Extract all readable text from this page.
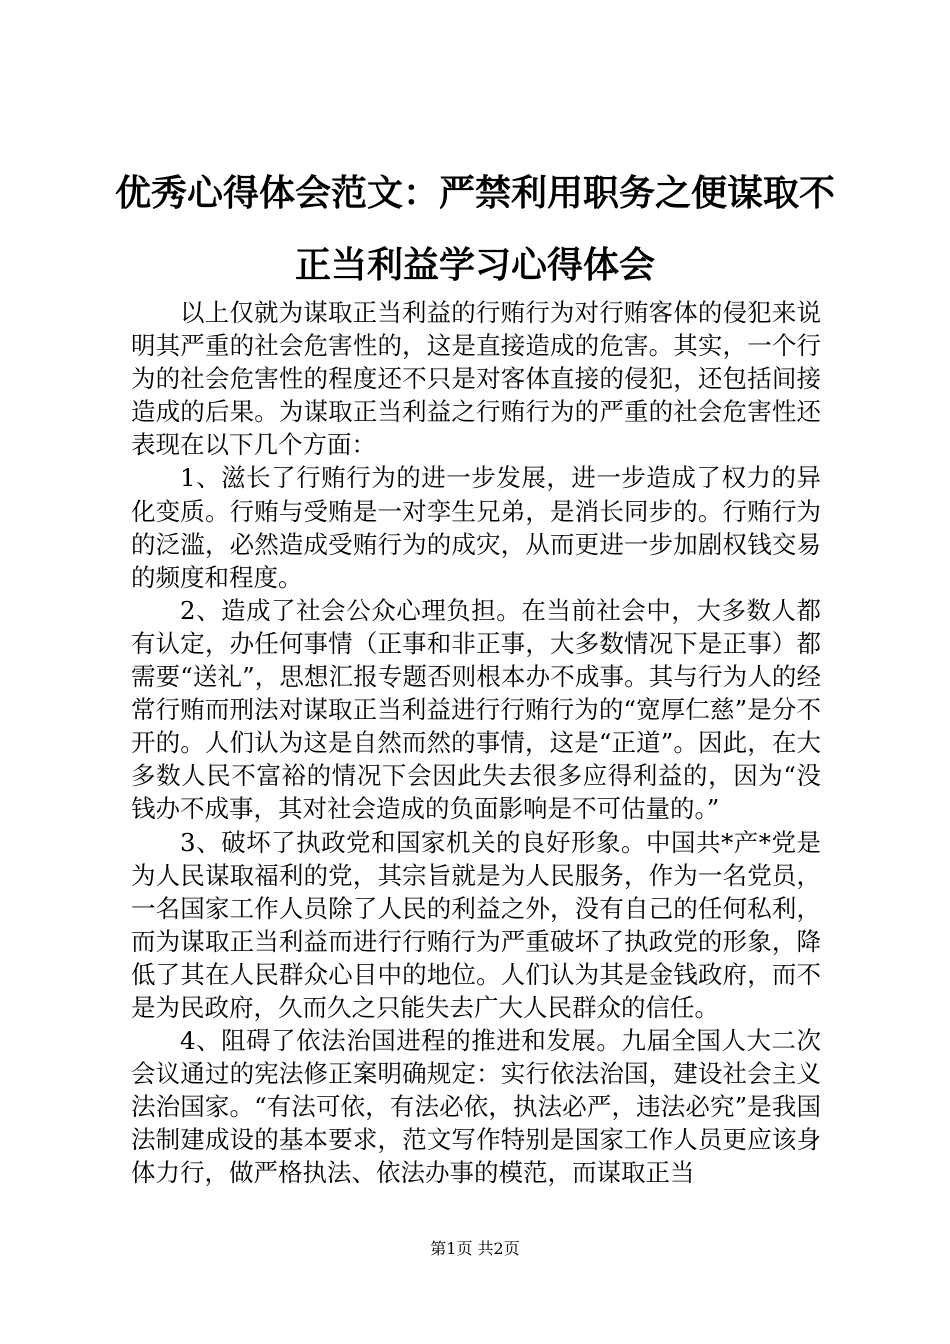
优秀心得体会范文：严禁利用职务之便谋取不正当利益学习心得体会

以上仅就为谋取正当利益的行贿行为对行贿客体的侵犯来说明其严重的社会危害性的，这是直接造成的危害。其实，一个行为的社会危害性的程度还不只是对客体直接的侵犯，还包括间接造成的后果。为谋取正当利益之行贿行为的严重的社会危害性还表现在以下几个方面：

1、滋长了行贿行为的进一步发展，进一步造成了权力的异化变质。行贿与受贿是一对孪生兄弟，是消长同步的。行贿行为的泛滥，必然造成受贿行为的成灾，从而更进一步加剧权钱交易的频度和程度。

2、造成了社会公众心理负担。在当前社会中，大多数人都有认定，办任何事情（正事和非正事，大多数情况下是正事）都需要“送礼”，思想汇报专题否则根本办不成事。其与行为人的经常行贿而刑法对谋取正当利益进行行贿行为的“宽厚仁慈”是分不开的。人们认为这是自然而然的事情，这是“正道”。因此，在大多数人民不富裕的情况下会因此失去很多应得利益的，因为“没钱办不成事，其对社会造成的负面影响是不可估量的。”

3、破坏了执政党和国家机关的良好形象。中国共*产*党是为人民谋取福利的党，其宗旨就是为人民服务，作为一名党员，一名国家工作人员除了人民的利益之外，没有自己的任何私利，而为谋取正当利益而进行行贿行为严重破坏了执政党的形象，降低了其在人民群众心目中的地位。人们认为其是金钱政府，而不是为民政府，久而久之只能失去广大人民群众的信任。

4、阻碍了依法治国进程的推进和发展。九届全国人大二次会议通过的宪法修正案明确规定：实行依法治国，建设社会主义法治国家。“有法可依，有法必依，执法必严，违法必究”是我国法制建成设的基本要求，范文写作特别是国家工作人员更应该身体力行，做严格执法、依法办事的模范，而谋取正当

第1页 共2页
